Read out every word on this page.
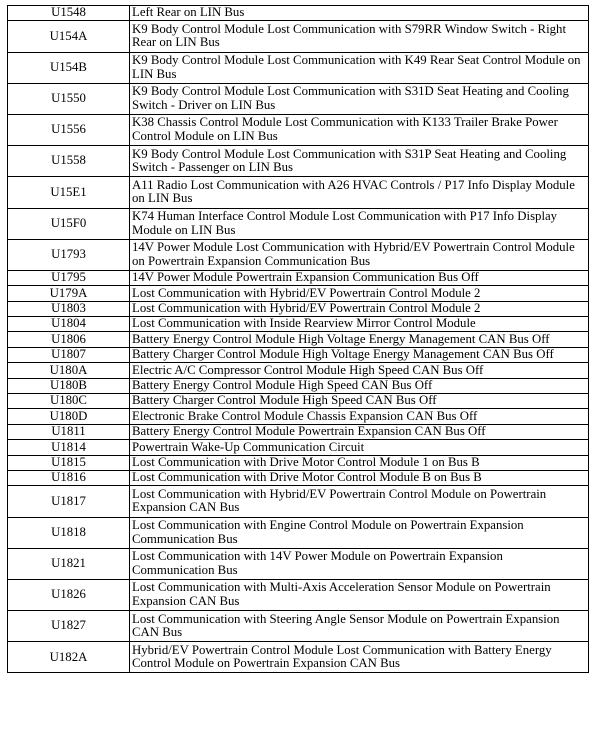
U1548	Left Rear on LIN Bus
U154A	K9 Body Control Module Lost Communication with S79RR Window Switch - Right Rear on LIN Bus
U154B	K9 Body Control Module Lost Communication with K49 Rear Seat Control Module on LIN Bus
U1550	K9 Body Control Module Lost Communication with S31D Seat Heating and Cooling Switch - Driver on LIN Bus
U1556	K38 Chassis Control Module Lost Communication with K133 Trailer Brake Power Control Module on LIN Bus
U1558	K9 Body Control Module Lost Communication with S31P Seat Heating and Cooling Switch - Passenger on LIN Bus
U15E1	A11 Radio Lost Communication with A26 HVAC Controls / P17 Info Display Module on LIN Bus
U15F0	K74 Human Interface Control Module Lost Communication with P17 Info Display Module on LIN Bus
U1793	14V Power Module Lost Communication with Hybrid/EV Powertrain Control Module on Powertrain Expansion Communication Bus
U1795	14V Power Module Powertrain Expansion Communication Bus Off
U179A	Lost Communication with Hybrid/EV Powertrain Control Module 2
U1803	Lost Communication with Hybrid/EV Powertrain Control Module 2
U1804	Lost Communication with Inside Rearview Mirror Control Module
U1806	Battery Energy Control Module High Voltage Energy Management CAN Bus Off
U1807	Battery Charger Control Module High Voltage Energy Management CAN Bus Off
U180A	Electric A/C Compressor Control Module High Speed CAN Bus Off
U180B	Battery Energy Control Module High Speed CAN Bus Off
U180C	Battery Charger Control Module High Speed CAN Bus Off
U180D	Electronic Brake Control Module Chassis Expansion CAN Bus Off
U1811	Battery Energy Control Module Powertrain Expansion CAN Bus Off
U1814	Powertrain Wake-Up Communication Circuit
U1815	Lost Communication with Drive Motor Control Module 1 on Bus B
U1816	Lost Communication with Drive Motor Control Module B on Bus B
U1817	Lost Communication with Hybrid/EV Powertrain Control Module on Powertrain Expansion CAN Bus
U1818	Lost Communication with Engine Control Module on Powertrain Expansion Communication Bus
U1821	Lost Communication with 14V Power Module on Powertrain Expansion Communication Bus
U1826	Lost Communication with Multi-Axis Acceleration Sensor Module on Powertrain Expansion CAN Bus
U1827	Lost Communication with Steering Angle Sensor Module on Powertrain Expansion CAN Bus
U182A	Hybrid/EV Powertrain Control Module Lost Communication with Battery Energy Control Module on Powertrain Expansion CAN Bus
